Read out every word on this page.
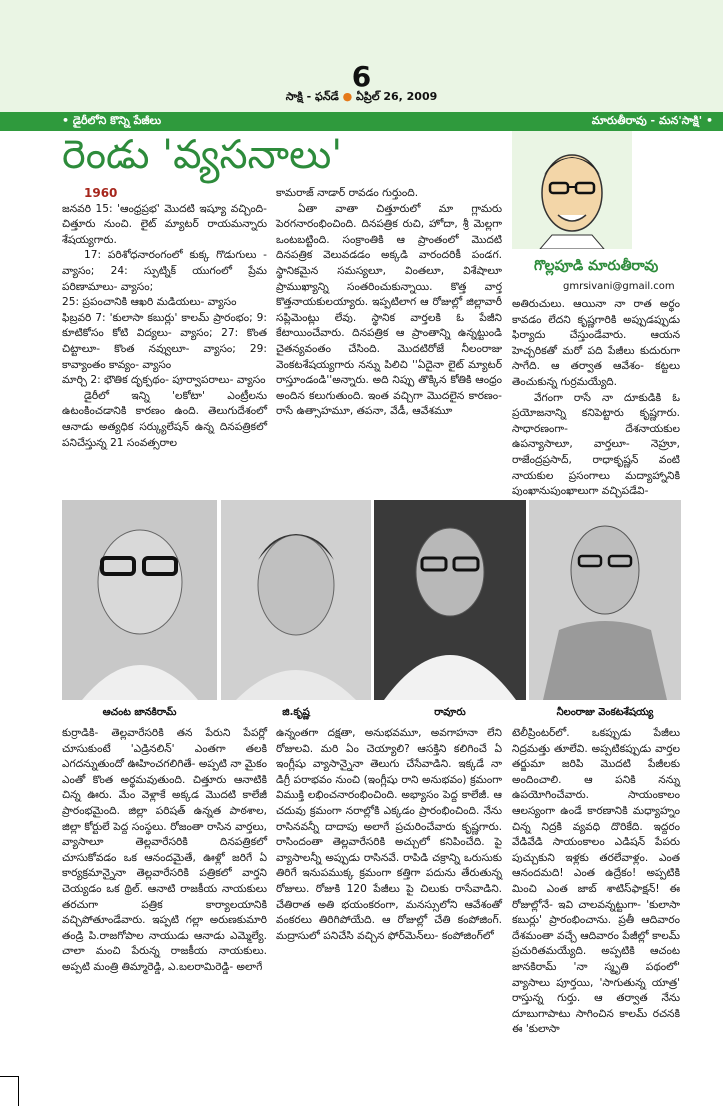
6
సాక్షి - ఫన్‌డే ● ఏప్రిల్ 26, 2009
• డైరీలోని కొన్ని పేజీలు	మారుతీరావు - మన'సాక్షి' •
రెండు 'వ్యసనాలు'
గొల్లపూడి మారుతీరావు
gmrsivani@gmail.com

1960

జనవరి 15: 'ఆంధ్రప్రభ' మొదటి ఇష్యూ వచ్చింది- చిత్తూరు నుంచి. లైట్ మ్యాటర్ రాయమన్నారు శేషయ్యగారు.

17: పరిశోధనారంగంలో కుక్క గొడుగులు - వ్యాసం; 24: స్పుట్నిక్ యుగంలో ప్రేమ పరిణామాలు- వ్యాసం;

25: ప్రపంచానికి ఆఖరి మడియలు- వ్యాసం

ఫిబ్రవరి 7: 'కులాసా కబుర్లు' కాలమ్ ప్రారంభం; 9: కూటికోసం కోటి విద్యలు- వ్యాసం; 27: కొంత చిట్టాలూ- కొంత నవ్వులూ- వ్యాసం; 29: కావ్యాంతం కావ్యం- వ్యాసం

మార్చి 2: భౌతిక దృక్పథం- పూర్వాపరాలు- వ్యాసం

డైరీలో ఇన్ని 'లకోటా' ఎంట్రీలను ఉటంకించడానికి కారణం ఉంది. తెలుగుదేశంలో ఆనాడు అత్యధిక సర్క్యులేషన్ ఉన్న దినపత్రికలో పనిచేస్తున్న 21 సంవత్సరాల

కామరాజ్ నాడార్ రావడం గుర్తుంది.

ఏతా వాతా చిత్తూరులో మా గ్లామరు పెరగనారంభించింది. దినపత్రిక రుచి, హోదా, శ్రీ మెల్లగా ఒంటబట్టింది. సంక్రాంతికి ఆ ప్రాంతంలో మొదటి దినపత్రిక వెలువడడం అక్కడి వారందరికీ పండగ. స్థానికమైన సమస్యలూ, వింతలూ, విశేషాలూ ప్రాముఖ్యాన్ని సంతరించుకున్నాయి. కొత్త వార్త కొత్తనాయకులయ్యారు. ఇప్పటిలాగ ఆ రోజుల్లో జిల్లావారీ సప్లిమెంట్లు లేవు. స్థానిక వార్తలకి ఓ పేజీని కేటాయించేవారు. దినపత్రిక ఆ ప్రాంతాన్ని ఉన్నట్టుండి చైతన్యవంతం చేసింది. మొదటిరోజే నీలంరాజు వెంకటశేషయ్యగారు నన్ను పిలిచి ''ఏదైనా లైట్ మ్యాటర్ రాస్తూండండి''అన్నారు. అది నిప్పు తొక్కిన కోతికి ఆంధ్రం అందిన కలుగుతుంది. ఇంత వచ్చిగా మొదలైన కారణం- రాసే ఉత్సాహమూ, తపనా, వేడీ, ఆవేశమూ

అతిరుచులు. ఆయినా నా రాత అర్థం కావడం లేదని కృష్ణగారికి అప్పుడప్పుడు ఫిర్యాదు చేస్తుండేవారు. ఆయన హెచ్చరికతో మరో పది పేజీలు కుదురుగా సాగేది. ఆ తర్వాత ఆవేశం- కట్టలు తెంచుకున్న గుర్రమయ్యేది.

వేగంగా రాసే నా దూకుడికి ఓ ప్రయోజనాన్ని కనిపెట్టారు కృష్ణగారు. సాధారణంగా- దేశనాయకుల ఉపన్యాసాలూ, వార్తలూ- నెహ్రూ, రాజేంద్రప్రసాద్, రాధాకృష్ణన్ వంటి నాయకుల ప్రసంగాలు మద్యాహ్నానికి పుంఖానుపుంఖాలుగా వచ్చిపడేవి-

ఆచంట జానకిరామ్	జి.కృష్ణ	రావూరు	నీలంరాజు వెంకటశేషయ్య

కుర్రాడికి- తెల్లవారేసరికి తన పేరుని పేపర్లో చూసుకుంటే 'ఎడ్రినలిన్' ఎంతగా తలకి ఎగదన్నుతుందో ఊహించగలిగితే- అప్పటి నా మైకం ఎంతో కొంత అర్థమవుతుంది. చిత్తూరు ఆనాటికి చిన్న ఊరు. మేం వెళ్లాకే అక్కడ మొదటి కాలేజీ ప్రారంభమైంది. జిల్లా పరిషత్ ఉన్నత పాఠశాల, జిల్లా కోర్టులే పెద్ద సంస్థలు. రోజంతా రాసిన వార్తలు, వ్యాసాలూ తెల్లవారేసరికి దినపత్రికలో చూసుకోవడం ఒక ఆనందమైతే, ఊళ్లో జరిగే ఏ కార్యక్రమాన్నైనా తెల్లవారేసరికి పత్రికలో వార్తని చెయ్యడం ఒక థ్రిల్. ఆనాటి రాజకీయ నాయకులు తరచుగా పత్రిక కార్యాలయానికి వచ్చిపోతూండేవారు. ఇప్పటి గల్లా అరుణకుమారి తండ్రి పి.రాజగోపాల నాయుడు ఆనాడు ఎమ్మెల్యే. చాలా మంచి పేరున్న రాజకీయ నాయకులు. అప్పటి మంత్రి తిమ్మారెడ్డి, ఎ.బలరామిరెడ్డి- అలాగే

ఉన్నంతగా దక్షతా, అనుభవమూ, అవగాహనా లేని రోజులవి. మరి ఏం చెయ్యాలి? ఆసక్తిని కలిగించే ఏ ఇంగ్లీషు వ్యాసాన్నైనా తెలుగు చేసేవాడిని. ఇక్కడే నా డిగ్రీ పరాభవం నుంచి (ఇంగ్లీషు రాని అనుభవం) క్రమంగా విముక్తి లభించనారంభించింది. అభ్యాసం పెద్ద కాలేజీ. ఆ చదువు క్రమంగా నరాల్లోకి ఎక్కడం ప్రారంభించింది. నేను రాసినవన్నీ దాదాపు అలాగే ప్రచురించేవారు కృష్ణగారు. రాసిందంతా తెల్లవారేసరికి అచ్చులో కనిపించేది. పై వ్యాసాలన్నీ అప్పుడు రాసినవే. రాపిడి చక్రాన్ని ఒరుసుకు తిరిగే ఇనుపముక్క క్రమంగా కత్తిగా పదును తేరుతున్న రోజులు. రోజుకి 120 పేజీలు పై చిలుకు రాసేవాడిని. చేతిరాత అతి భయంకరంగా, మనస్సులోని ఆవేశంతో వంకరలు తిరిగిపోయేది. ఆ రోజుల్లో చేతి కంపోజింగ్. మద్రాసులో పనిచేసి వచ్చిన ఫోర్‌మెన్‌లు- కంపోజింగ్‌లో

టెలీప్రింటర్‌లో. ఒకప్పుడు పేజీలు నిద్రమత్తు తూలేవి. అప్పటికప్పుడు వార్తల తర్జుమా జరిపి మొదటి పేజీలకు అందించాలి. ఆ పనికి నన్ను ఉపయోగించేవారు. సాయంకాలం ఆలస్యంగా ఉండే కారణానికి మధ్యాహ్నం చిన్న నిద్రకి వ్యవధి దొరికేది. ఇద్దరం వేడివేడి సాయంకాలం ఎడిషన్ పేపరు పుచ్చుకుని ఇళ్లకు తరలేవాళ్లం. ఎంత ఆనందమది! ఎంత ఉద్రేకం! అప్పటికి మించి ఎంత జాబ్ శాటిస్‌ఫాక్షన్! ఈ రోజుల్లోనే- ఇవి చాలవన్నట్టుగా- 'కులాసా కబుర్లు' ప్రారంభించాను. ప్రతీ ఆదివారం దేశమంతా వచ్చే ఆదివారం పేజీల్లో కాలమ్ ప్రచురితమయ్యేది. అప్పటికి ఆచంట జానకిరామ్ 'నా స్మృతి పథంలో' వ్యాసాలు పూర్తయి, 'సాగుతున్న యాత్ర' రాస్తున్న గుర్తు. ఆ తర్వాత నేను దూబుగాపాటు సాగించిన కాలమ్ రచనకి ఈ 'కులాసా
